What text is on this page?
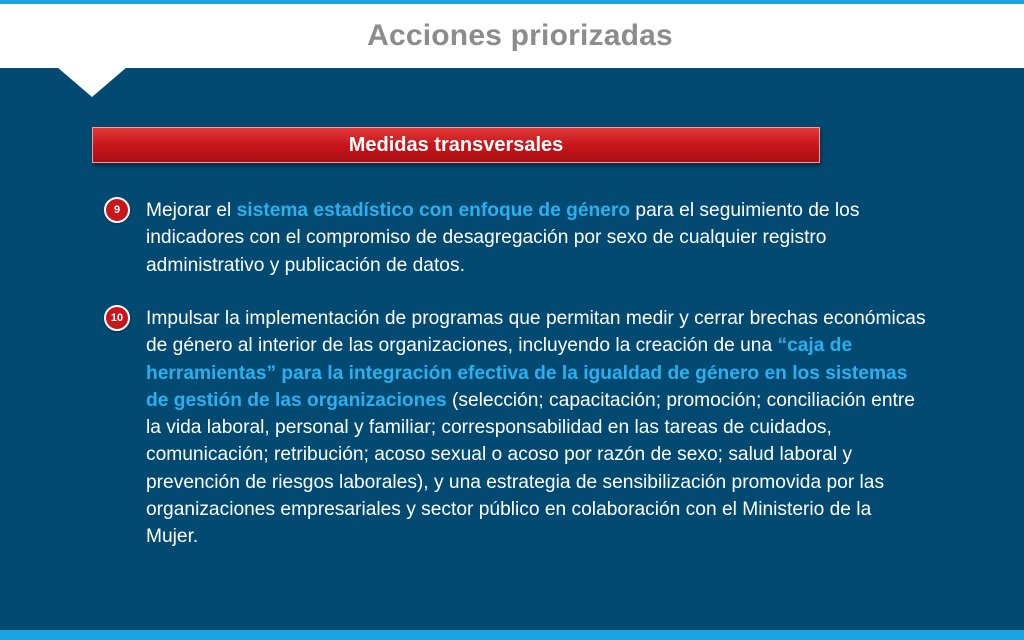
Acciones priorizadas
Medidas transversales
9	Mejorar el sistema estadístico con enfoque de género para el seguimiento de los indicadores con el compromiso de desagregación por sexo de cualquier registro administrativo y publicación de datos.
10	Impulsar la implementación de programas que permitan medir y cerrar brechas económicas de género al interior de las organizaciones, incluyendo la creación de una “caja de herramientas” para la integración efectiva de la igualdad de género en los sistemas de gestión de las organizaciones (selección; capacitación; promoción; conciliación entre la vida laboral, personal y familiar; corresponsabilidad en las tareas de cuidados, comunicación; retribución; acoso sexual o acoso por razón de sexo; salud laboral y prevención de riesgos laborales), y una estrategia de sensibilización promovida por las organizaciones empresariales y sector público en colaboración con el Ministerio de la Mujer.
